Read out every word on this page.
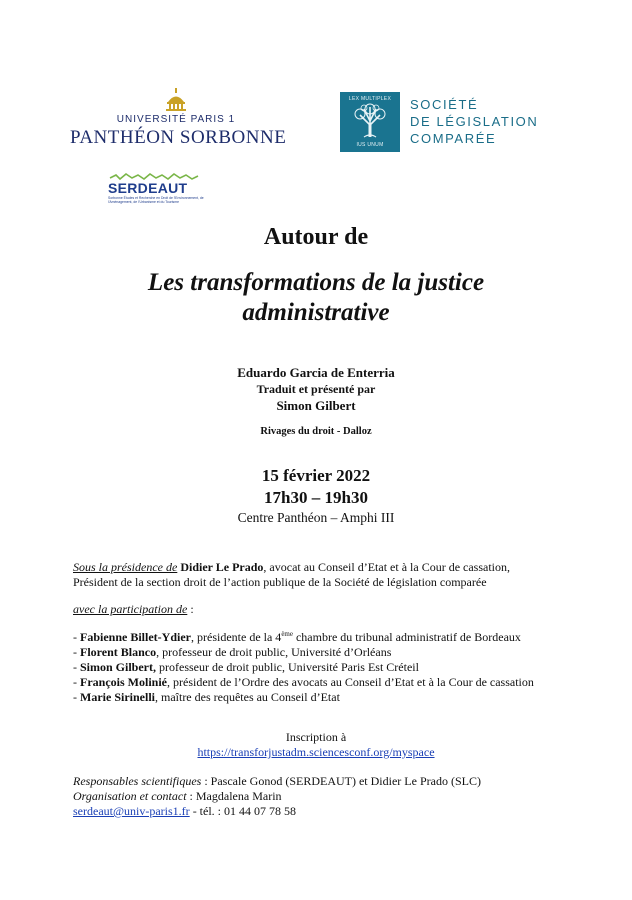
UNIVERSITÉ PARIS 1
PANTHÉON SORBONNE
LEX MULTIPLEX
IUS UNUM
SOCIÉTÉ
DE LÉGISLATION
COMPARÉE
SERDEAUT
Sorbonne Études et Recherche en Droit de l'Environnement, de l'Aménagement, de l'Urbanisme et du Tourisme
Autour de
Les transformations de la justice
administrative
Eduardo Garcia de Enterria
Traduit et présenté par
Simon Gilbert
Rivages du droit - Dalloz
15 février 2022
17h30 – 19h30
Centre Panthéon – Amphi III
Sous la présidence de Didier Le Prado, avocat au Conseil d’Etat et à la Cour de cassation,
Président de la section droit de l’action publique de la Société de législation comparée
avec la participation de :
- Fabienne Billet-Ydier, présidente de la 4ème chambre du tribunal administratif de Bordeaux
- Florent Blanco, professeur de droit public, Université d’Orléans
- Simon Gilbert, professeur de droit public, Université Paris Est Créteil
- François Molinié, président de l’Ordre des avocats au Conseil d’Etat et à la Cour de cassation
- Marie Sirinelli, maître des requêtes au Conseil d’Etat
Inscription à
https://transforjustadm.sciencesconf.org/myspace
Responsables scientifiques : Pascale Gonod (SERDEAUT) et Didier Le Prado (SLC)
Organisation et contact : Magdalena Marin
serdeaut@univ-paris1.fr - tél. : 01 44 07 78 58
